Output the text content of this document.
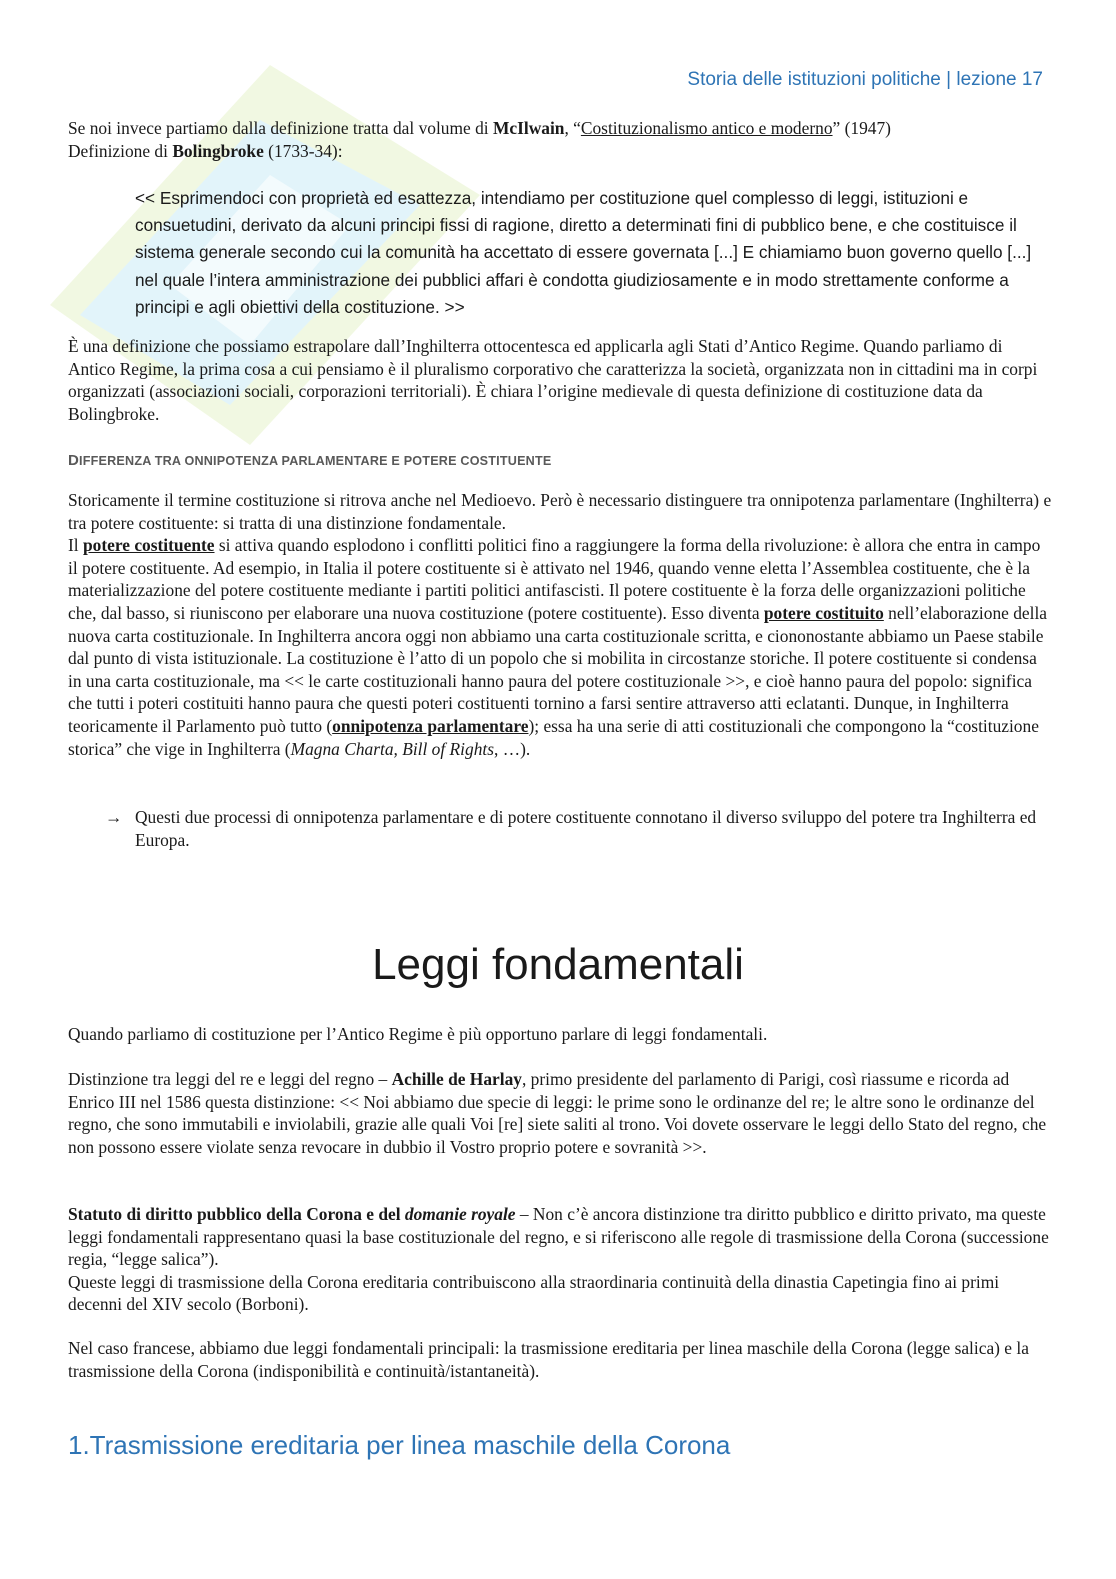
Storia delle istituzioni politiche | lezione 17

Se noi invece partiamo dalla definizione tratta dal volume di McIlwain, “Costituzionalismo antico e moderno” (1947)

Definizione di Bolingbroke (1733-34):

<< Esprimendoci con proprietà ed esattezza, intendiamo per costituzione quel complesso di leggi, istituzioni e consuetudini, derivato da alcuni principi fissi di ragione, diretto a determinati fini di pubblico bene, e che costituisce il sistema generale secondo cui la comunità ha accettato di essere governata [...] E chiamiamo buon governo quello [...] nel quale l’intera amministrazione dei pubblici affari è condotta giudiziosamente e in modo strettamente conforme a principi e agli obiettivi della costituzione. >>
È una definizione che possiamo estrapolare dall’Inghilterra ottocentesca ed applicarla agli Stati d’Antico Regime. Quando parliamo di Antico Regime, la prima cosa a cui pensiamo è il pluralismo corporativo che caratterizza la società, organizzata non in cittadini ma in corpi organizzati (associazioni sociali, corporazioni territoriali). È chiara l’origine medievale di questa definizione di costituzione data da Bolingbroke.
DIFFERENZA TRA ONNIPOTENZA PARLAMENTARE E POTERE COSTITUENTE

Storicamente il termine costituzione si ritrova anche nel Medioevo. Però è necessario distinguere tra onnipotenza parlamentare (Inghilterra) e tra potere costituente: si tratta di una distinzione fondamentale.

Il potere costituente si attiva quando esplodono i conflitti politici fino a raggiungere la forma della rivoluzione: è allora che entra in campo il potere costituente. Ad esempio, in Italia il potere costituente si è attivato nel 1946, quando venne eletta l’Assemblea costituente, che è la materializzazione del potere costituente mediante i partiti politici antifascisti. Il potere costituente è la forza delle organizzazioni politiche che, dal basso, si riuniscono per elaborare una nuova costituzione (potere costituente). Esso diventa potere costituito nell’elaborazione della nuova carta costituzionale. In Inghilterra ancora oggi non abbiamo una carta costituzionale scritta, e ciononostante abbiamo un Paese stabile dal punto di vista istituzionale. La costituzione è l’atto di un popolo che si mobilita in circostanze storiche. Il potere costituente si condensa in una carta costituzionale, ma << le carte costituzionali hanno paura del potere costituzionale >>, e cioè hanno paura del popolo: significa che tutti i poteri costituiti hanno paura che questi poteri costituenti tornino a farsi sentire attraverso atti eclatanti. Dunque, in Inghilterra teoricamente il Parlamento può tutto (onnipotenza parlamentare); essa ha una serie di atti costituzionali che compongono la “costituzione storica” che vige in Inghilterra (Magna Charta, Bill of Rights, …).

→ Questi due processi di onnipotenza parlamentare e di potere costituente connotano il diverso sviluppo del potere tra Inghilterra ed Europa.
Leggi fondamentali
Quando parliamo di costituzione per l’Antico Regime è più opportuno parlare di leggi fondamentali.
Distinzione tra leggi del re e leggi del regno – Achille de Harlay, primo presidente del parlamento di Parigi, così riassume e ricorda ad Enrico III nel 1586 questa distinzione: << Noi abbiamo due specie di leggi: le prime sono le ordinanze del re; le altre sono le ordinanze del regno, che sono immutabili e inviolabili, grazie alle quali Voi [re] siete saliti al trono. Voi dovete osservare le leggi dello Stato del regno, che non possono essere violate senza revocare in dubbio il Vostro proprio potere e sovranità >>.

Statuto di diritto pubblico della Corona e del domanie royale – Non c’è ancora distinzione tra diritto pubblico e diritto privato, ma queste leggi fondamentali rappresentano quasi la base costituzionale del regno, e si riferiscono alle regole di trasmissione della Corona (successione regia, “legge salica”).

Queste leggi di trasmissione della Corona ereditaria contribuiscono alla straordinaria continuità della dinastia Capetingia fino ai primi decenni del XIV secolo (Borboni).

Nel caso francese, abbiamo due leggi fondamentali principali: la trasmissione ereditaria per linea maschile della Corona (legge salica) e la trasmissione della Corona (indisponibilità e continuità/istantaneità).
1.Trasmissione ereditaria per linea maschile della Corona
